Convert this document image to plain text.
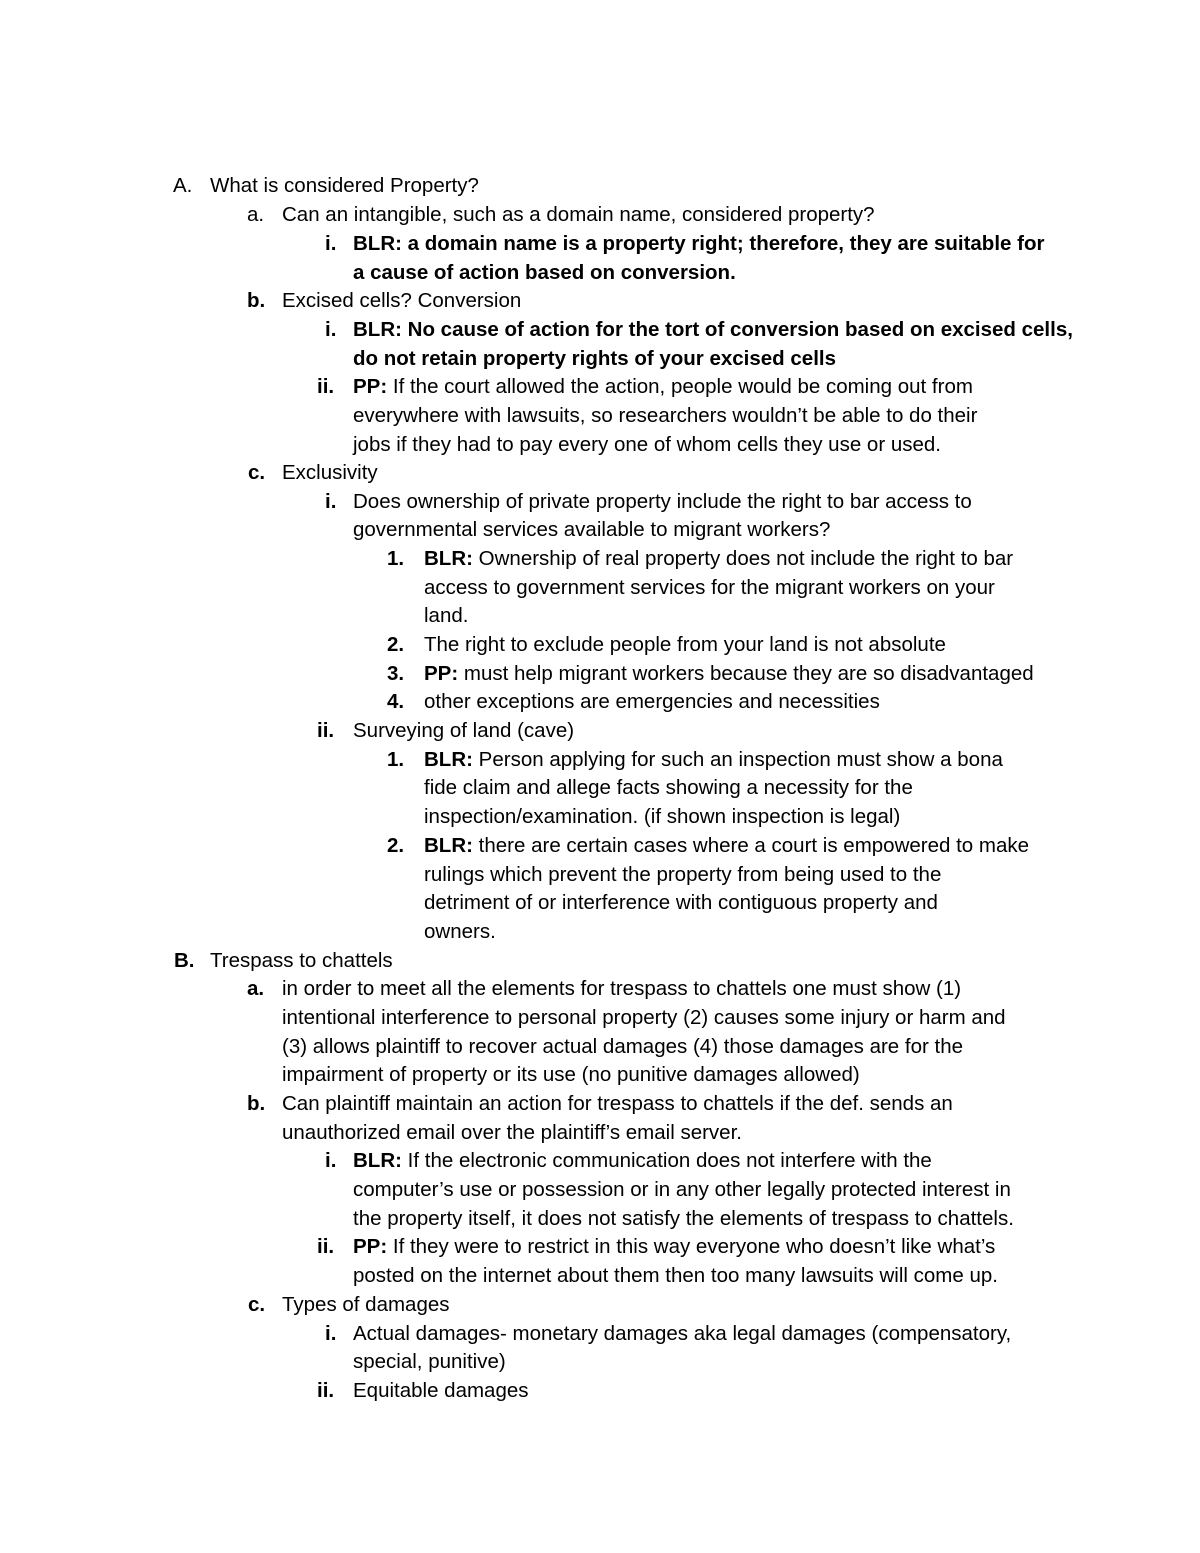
A. What is considered Property?
a. Can an intangible, such as a domain name, considered property?
i. BLR: a domain name is a property right; therefore, they are suitable for
a cause of action based on conversion.
b. Excised cells? Conversion
i. BLR: No cause of action for the tort of conversion based on excised cells,
do not retain property rights of your excised cells
ii. PP: If the court allowed the action, people would be coming out from
everywhere with lawsuits, so researchers wouldn’t be able to do their
jobs if they had to pay every one of whom cells they use or used.
c. Exclusivity
i. Does ownership of private property include the right to bar access to
governmental services available to migrant workers?
1. BLR: Ownership of real property does not include the right to bar
access to government services for the migrant workers on your
land.
2. The right to exclude people from your land is not absolute
3. PP: must help migrant workers because they are so disadvantaged
4. other exceptions are emergencies and necessities
ii. Surveying of land (cave)
1. BLR: Person applying for such an inspection must show a bona
fide claim and allege facts showing a necessity for the
inspection/examination. (if shown inspection is legal)
2. BLR: there are certain cases where a court is empowered to make
rulings which prevent the property from being used to the
detriment of or interference with contiguous property and
owners.
B. Trespass to chattels
a. in order to meet all the elements for trespass to chattels one must show (1)
intentional interference to personal property (2) causes some injury or harm and
(3) allows plaintiff to recover actual damages (4) those damages are for the
impairment of property or its use (no punitive damages allowed)
b. Can plaintiff maintain an action for trespass to chattels if the def. sends an
unauthorized email over the plaintiff’s email server.
i. BLR: If the electronic communication does not interfere with the
computer’s use or possession or in any other legally protected interest in
the property itself, it does not satisfy the elements of trespass to chattels.
ii. PP: If they were to restrict in this way everyone who doesn’t like what’s
posted on the internet about them then too many lawsuits will come up.
c. Types of damages
i. Actual damages- monetary damages aka legal damages (compensatory,
special, punitive)
ii. Equitable damages
